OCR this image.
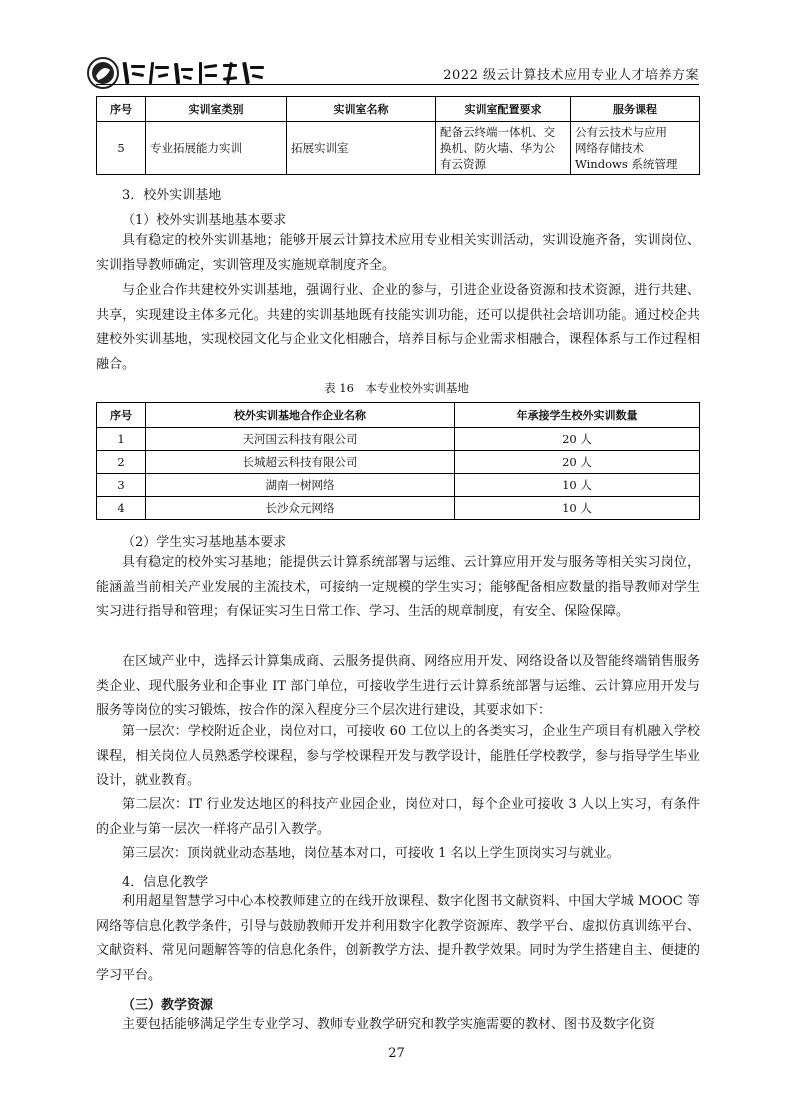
2022 级云计算技术应用专业人才培养方案
序号	实训室类别	实训室名称	实训室配置要求	服务课程
5	专业拓展能力实训	拓展实训室	配备云终端一体机、交换机、防火墙、华为公有云资源	公有云技术与应用
网络存储技术
Windows 系统管理

3．校外实训基地

（1）校外实训基地基本要求

具有稳定的校外实训基地；能够开展云计算技术应用专业相关实训活动，实训设施齐备，实训岗位、实训指导教师确定，实训管理及实施规章制度齐全。

与企业合作共建校外实训基地，强调行业、企业的参与，引进企业设备资源和技术资源，进行共建、共享，实现建设主体多元化。共建的实训基地既有技能实训功能，还可以提供社会培训功能。通过校企共建校外实训基地，实现校园文化与企业文化相融合，培养目标与企业需求相融合，课程体系与工作过程相融合。

表 16　本专业校外实训基地
序号	校外实训基地合作企业名称	年承接学生校外实训数量
1	天河国云科技有限公司	20 人
2	长城超云科技有限公司	20 人
3	湖南一树网络	10 人
4	长沙众元网络	10 人

（2）学生实习基地基本要求

具有稳定的校外实习基地；能提供云计算系统部署与运维、云计算应用开发与服务等相关实习岗位，能涵盖当前相关产业发展的主流技术，可接纳一定规模的学生实习；能够配备相应数量的指导教师对学生实习进行指导和管理；有保证实习生日常工作、学习、生活的规章制度，有安全、保险保障。

在区域产业中，选择云计算集成商、云服务提供商、网络应用开发、网络设备以及智能终端销售服务类企业、现代服务业和企事业 IT 部门单位，可接收学生进行云计算系统部署与运维、云计算应用开发与服务等岗位的实习锻炼，按合作的深入程度分三个层次进行建设，其要求如下：

第一层次：学校附近企业，岗位对口，可接收 60 工位以上的各类实习，企业生产项目有机融入学校课程，相关岗位人员熟悉学校课程，参与学校课程开发与教学设计，能胜任学校教学，参与指导学生毕业设计，就业教育。

第二层次：IT 行业发达地区的科技产业园企业，岗位对口，每个企业可接收 3 人以上实习，有条件的企业与第一层次一样将产品引入教学。

第三层次：顶岗就业动态基地，岗位基本对口，可接收 1 名以上学生顶岗实习与就业。

4．信息化教学

利用超星智慧学习中心本校教师建立的在线开放课程、数字化图书文献资料、中国大学城 MOOC 等网络等信息化教学条件，引导与鼓励教师开发并利用数字化教学资源库、教学平台、虚拟仿真训练平台、文献资料、常见问题解答等的信息化条件，创新教学方法、提升教学效果。同时为学生搭建自主、便捷的学习平台。

（三）教学资源

主要包括能够满足学生专业学习、教师专业教学研究和教学实施需要的教材、图书及数字化资

27
